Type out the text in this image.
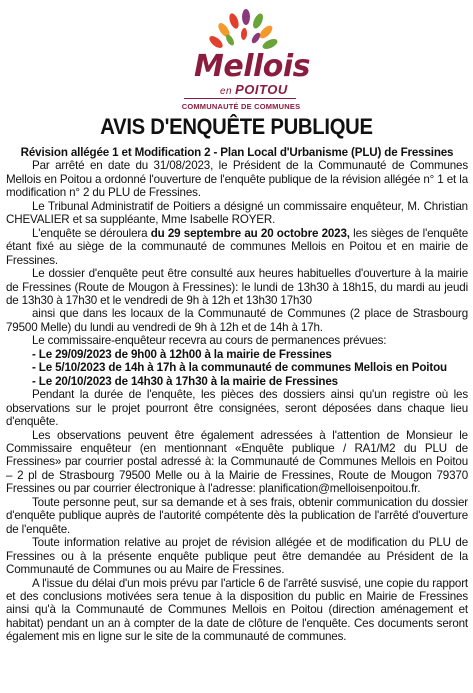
Mellois
en POITOU
COMMUNAUTÉ DE COMMUNES
AVIS D'ENQUÊTE PUBLIQUE

Révision allégée 1 et Modification 2 - Plan Local d'Urbanisme (PLU) de Fressines

Par arrêté en date du 31/08/2023, le Président de la Communauté de Communes Mellois en Poitou a ordonné l'ouverture de l'enquête publique de la révision allégée n° 1 et la modification n° 2 du PLU de Fressines.

Le Tribunal Administratif de Poitiers a désigné un commissaire enquêteur, M. Christian CHEVALIER et sa suppléante, Mme Isabelle ROYER.

L'enquête se déroulera du 29 septembre au 20 octobre 2023, les sièges de l'enquête étant fixé au siège de la communauté de communes Mellois en Poitou et en mairie de Fressines.

Le dossier d'enquête peut être consulté aux heures habituelles d'ouverture à la mairie de Fressines (Route de Mougon à Fressines): le lundi de 13h30 à 18h15, du mardi au jeudi de 13h30 à 17h30 et le vendredi de 9h à 12h et 13h30 17h30

ainsi que dans les locaux de la Communauté de Communes (2 place de Strasbourg 79500 Melle) du lundi au vendredi de 9h à 12h et de 14h à 17h.

Le commissaire-enquêteur recevra au cours de permanences prévues:

- Le 29/09/2023 de 9h00 à 12h00 à la mairie de Fressines

- Le 5/10/2023 de 14h à 17h à la communauté de communes Mellois en Poitou

- Le 20/10/2023 de 14h30 à 17h30 à la mairie de Fressines

Pendant la durée de l'enquête, les pièces des dossiers ainsi qu'un registre où les observations sur le projet pourront être consignées, seront déposées dans chaque lieu d'enquête.

Les observations peuvent être également adressées à l'attention de Monsieur le Commissaire enquêteur (en mentionnant «Enquête publique / RA1/M2 du PLU de Fressines» par courrier postal adressé à: la Communauté de Communes Mellois en Poitou – 2 pl de Strasbourg 79500 Melle ou à la Mairie de Fressines, Route de Mougon 79370 Fressines ou par courrier électronique à l'adresse: planification@melloisenpoitou.fr.

Toute personne peut, sur sa demande et à ses frais, obtenir communication du dossier d'enquête publique auprès de l'autorité compétente dès la publication de l'arrêté d'ouverture de l'enquête.

Toute information relative au projet de révision allégée et de modification du PLU de Fressines ou à la présente enquête publique peut être demandée au Président de la Communauté de Communes ou au Maire de Fressines.

A l'issue du délai d'un mois prévu par l'article 6 de l'arrêté susvisé, une copie du rapport et des conclusions motivées sera tenue à la disposition du public en Mairie de Fressines ainsi qu'à la Communauté de Communes Mellois en Poitou (direction aménagement et habitat) pendant un an à compter de la date de clôture de l'enquête. Ces documents seront également mis en ligne sur le site de la communauté de communes.
